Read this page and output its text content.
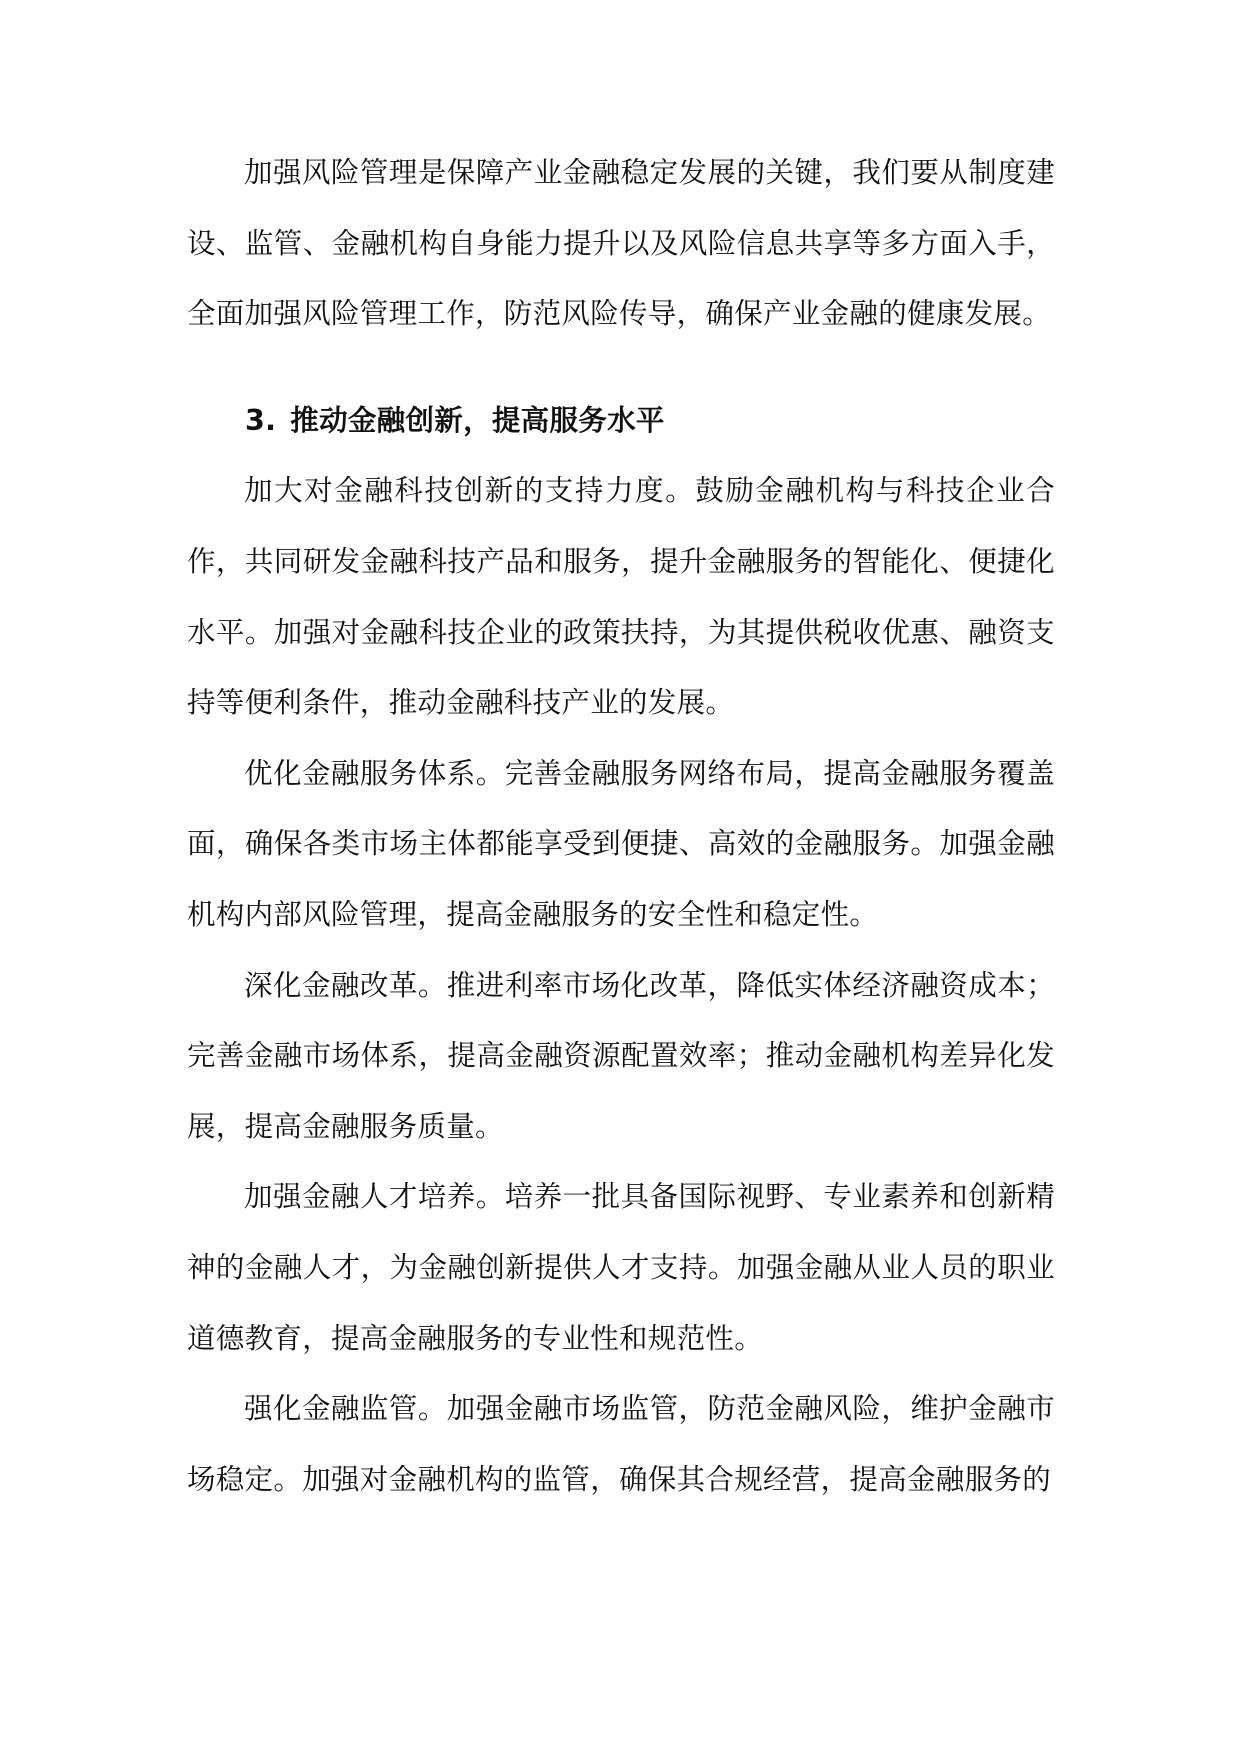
加强风险管理是保障产业金融稳定发展的关键，我们要从制度建设、监管、金融机构自身能力提升以及风险信息共享等多方面入手，全面加强风险管理工作，防范风险传导，确保产业金融的健康发展。

3. 推动金融创新，提高服务水平

加大对金融科技创新的支持力度。鼓励金融机构与科技企业合作，共同研发金融科技产品和服务，提升金融服务的智能化、便捷化水平。加强对金融科技企业的政策扶持，为其提供税收优惠、融资支持等便利条件，推动金融科技产业的发展。

优化金融服务体系。完善金融服务网络布局，提高金融服务覆盖面，确保各类市场主体都能享受到便捷、高效的金融服务。加强金融机构内部风险管理，提高金融服务的安全性和稳定性。

深化金融改革。推进利率市场化改革，降低实体经济融资成本；完善金融市场体系，提高金融资源配置效率；推动金融机构差异化发展，提高金融服务质量。

加强金融人才培养。培养一批具备国际视野、专业素养和创新精神的金融人才，为金融创新提供人才支持。加强金融从业人员的职业道德教育，提高金融服务的专业性和规范性。

强化金融监管。加强金融市场监管，防范金融风险，维护金融市场稳定。加强对金融机构的监管，确保其合规经营，提高金融服务的
